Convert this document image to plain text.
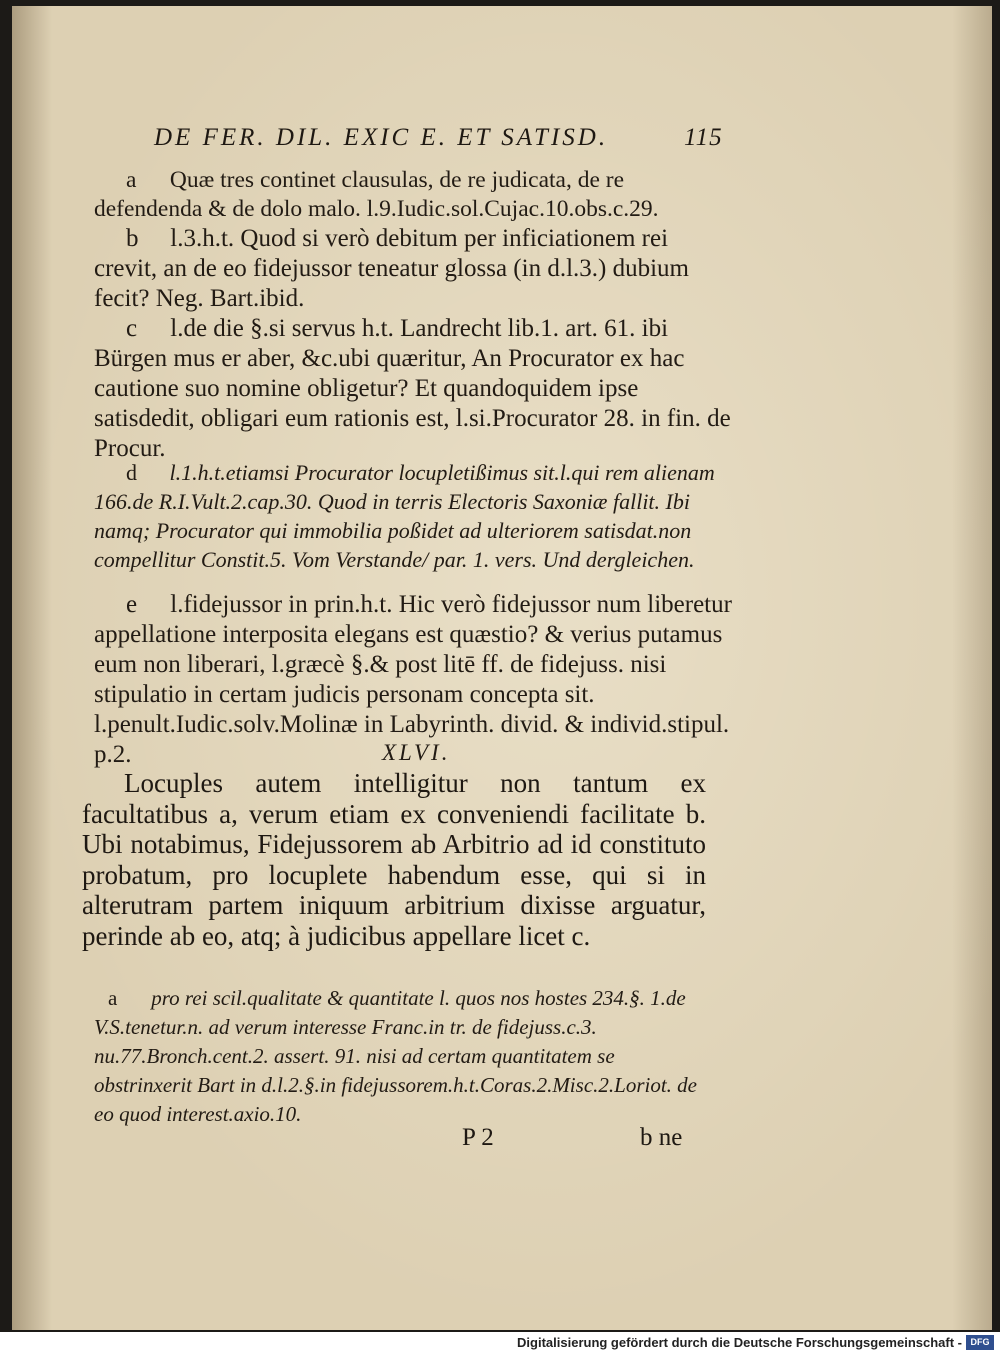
DE FER. DIL. EXIC E. ET SATISD.	115
a Quæ tres continet clausulas, de re judicata, de re defendenda & de dolo malo. l.9.Iudic.sol.Cujac.10.obs.c.29.
b l.3.h.t. Quod si verò debitum per inficiationem rei crevit, an de eo fidejussor teneatur glossa (in d.l.3.) dubium fecit? Neg. Bart.ibid.
c l.de die §.si servus h.t. Landrecht lib.1. art. 61. ibi Bürgen mus er aber, &c.ubi quæritur, An Procurator ex hac cautione suo nomine obligetur? Et quandoquidem ipse satisdedit, obligari eum rationis est, l.si.Procurator 28. in fin. de Procur.
d l.1.h.t.etiamsi Procurator locupletißimus sit.l.qui rem alienam 166.de R.I.Vult.2.cap.30. Quod in terris Electoris Saxoniæ fallit. Ibi namq; Procurator qui immobilia poßidet ad ulteriorem satisdat.non compellitur Constit.5. Vom Verstande/ par. 1. vers. Und dergleichen.
e l.fidejussor in prin.h.t. Hic verò fidejussor num liberetur appellatione interposita elegans est quæstio? & verius putamus eum non liberari, l.græcè §.& post litē ff. de fidejuss. nisi stipulatio in certam judicis personam concepta sit. l.penult.Iudic.solv.Molinæ in Labyrinth. divid. & individ.stipul. p.2.	XLVI.
Locuples autem intelligitur non tantum ex facultatibus a, verum etiam ex conveniendi facilitate b. Ubi notabimus, Fidejussorem ab Arbitrio ad id constituto probatum, pro locuplete habendum esse, qui si in alterutram partem iniquum arbitrium dixisse arguatur, perinde ab eo, atq; à judicibus appellare licet c.
a pro rei scil.qualitate & quantitate l. quos nos hostes 234.§. 1.de V.S.tenetur.n. ad verum interesse Franc.in tr. de fidejuss.c.3. nu.77.Bronch.cent.2. assert. 91. nisi ad certam quantitatem se obstrinxerit Bart in d.l.2.§.in fidejussorem.h.t.Coras.2.Misc.2.Loriot. de eo quod interest.axio.10.
P 2	b ne
Digitalisierung gefördert durch die Deutsche Forschungsgemeinschaft - DFG
